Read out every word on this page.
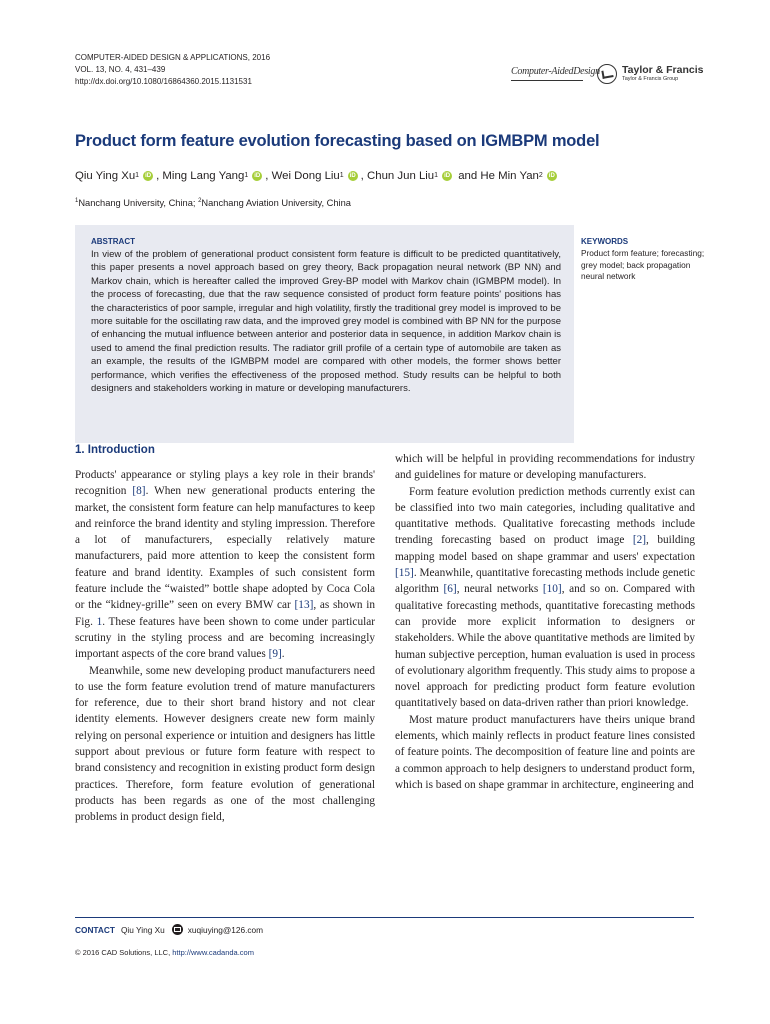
COMPUTER-AIDED DESIGN & APPLICATIONS, 2016
VOL. 13, NO. 4, 431–439
http://dx.doi.org/10.1080/16864360.2015.1131531
Computer-AidedDesign Taylor & Francis
Taylor & Francis Group
Product form feature evolution forecasting based on IGMBPM model
Qiu Ying Xu 1	iD , Ming Lang Yang 1	iD , Wei Dong Liu 1	iD , Chun Jun Liu 1	iD and He Min Yan 2	iD
$^1$Nanchang University, China; $^2$Nanchang Aviation University, China
ABSTRACT
In view of the problem of generational product consistent form feature is difficult to be predicted quantitatively, this paper presents a novel approach based on grey theory, Back propagation neural network (BP NN) and Markov chain, which is hereafter called the improved Grey-BP model with Markov chain (IGMBPM model). In the process of forecasting, due that the raw sequence consisted of product form feature points' positions has the characteristics of poor sample, irregular and high volatility, firstly the traditional grey model is improved to be more suitable for the oscillating raw data, and the improved grey model is combined with BP NN for the purpose of enhancing the mutual influence between anterior and posterior data in sequence, in addition Markov chain is used to amend the final prediction results. The radiator grill profile of a certain type of automobile are taken as an example, the results of the IGMBPM model are compared with other models, the former shows better performance, which verifies the effectiveness of the proposed method. Study results can be helpful to both designers and stakeholders working in mature or developing manufacturers.
KEYWORDS
Product form feature; forecasting; grey model; back propagation neural network
1. Introduction

Products' appearance or styling plays a key role in their brands' recognition [8]. When new generational products entering the market, the consistent form feature can help manufactures to keep and reinforce the brand identity and styling impression. Therefore a lot of manufacturers, especially relatively mature manufacturers, paid more attention to keep the consistent form feature and brand identity. Examples of such consistent form feature include the “waisted” bottle shape adopted by Coca Cola or the “kidney-grille” seen on every BMW car [13], as shown in Fig. 1. These features have been shown to come under particular scrutiny in the styling process and are becoming increasingly important aspects of the core brand values [9].

Meanwhile, some new developing product manufacturers need to use the form feature evolution trend of mature manufacturers for reference, due to their short brand history and not clear identity elements. However designers create new form mainly relying on personal experience or intuition and designers has little support about previous or future form feature with respect to brand consistency and recognition in existing product form design practices. Therefore, form feature evolution of generational products has been regards as one of the most challenging problems in product design field,

which will be helpful in providing recommendations for industry and guidelines for mature or developing manufacturers.

Form feature evolution prediction methods currently exist can be classified into two main categories, including qualitative and quantitative methods. Qualitative forecasting methods include trending forecasting based on product image [2], building mapping model based on shape grammar and users' expectation [15]. Meanwhile, quantitative forecasting methods include genetic algorithm [6], neural networks [10], and so on. Compared with qualitative forecasting methods, quantitative forecasting methods can provide more explicit information to designers or stakeholders. While the above quantitative methods are limited by human subjective perception, human evaluation is used in process of evolutionary algorithm frequently. This study aims to propose a novel approach for predicting product form feature evolution quantitatively based on data-driven rather than priori knowledge.

Most mature product manufacturers have theirs unique brand elements, which mainly reflects in product feature lines consisted of feature points. The decomposition of feature line and points are a common approach to help designers to understand product form, which is based on shape grammar in architecture, engineering and

CONTACT Qiu Ying Xu	xuqiuying@126.com
© 2016 CAD Solutions, LLC, http://www.cadanda.com
